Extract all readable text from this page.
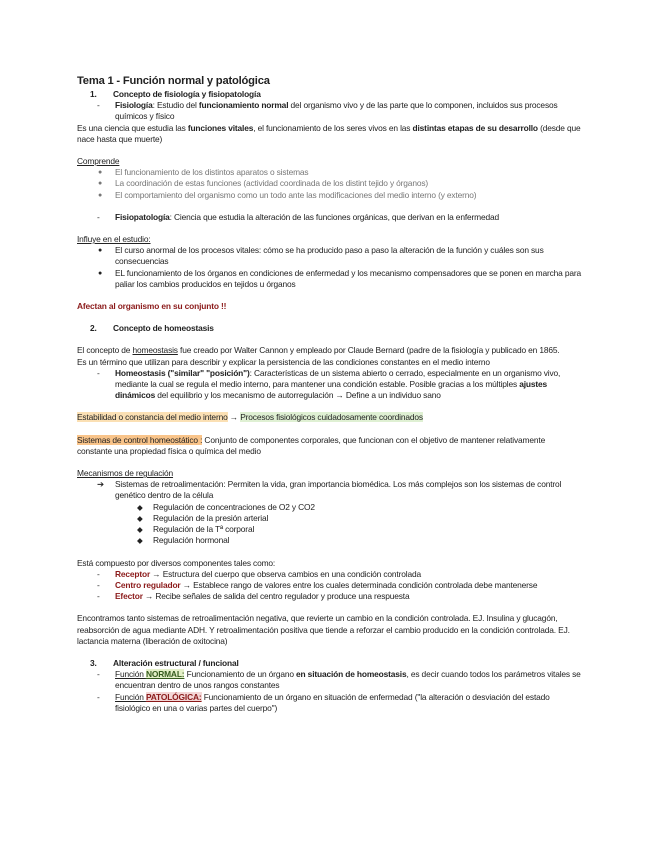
Tema 1 - Función normal y patológica
1. Concepto de fisiología y fisiopatología
- Fisiología: Estudio del funcionamiento normal del organismo vivo y de las parte que lo componen, incluidos sus procesos químicos y físico
Es una ciencia que estudia las funciones vitales, el funcionamiento de los seres vivos en las distintas etapas de su desarrollo (desde que nace hasta que muerte)
Comprende
● El funcionamiento de los distintos aparatos o sistemas
● La coordinación de estas funciones (actividad coordinada de los distint tejido y órganos)
● El comportamiento del organismo como un todo ante las modificaciones del medio interno (y externo)
- Fisiopatología: Ciencia que estudia la alteración de las funciones orgánicas, que derivan en la enfermedad
Influye en el estudio:
● El curso anormal de los procesos vitales: cómo se ha producido paso a paso la alteración de la función y cuáles son sus consecuencias
● EL funcionamiento de los órganos en condiciones de enfermedad y los mecanismo compensadores que se ponen en marcha para paliar los cambios producidos en tejidos u órganos
Afectan al organismo en su conjunto !!
2. Concepto de homeostasis
El concepto de homeostasis fue creado por Walter Cannon y empleado por Claude Bernard (padre de la fisiología y publicado en 1865.
Es un término que utilizan para describir y explicar la persistencia de las condiciones constantes en el medio interno
- Homeostasis ("similar" "posición"): Características de un sistema abierto o cerrado, especialmente en un organismo vivo, mediante la cual se regula el medio interno, para mantener una condición estable. Posible gracias a los múltiples ajustes dinámicos del equilibrio y los mecanismo de autorregulación → Define a un individuo sano
Estabilidad o constancia del medio interno → Procesos fisiológicos cuidadosamente coordinados
Sistemas de control homeostático : Conjunto de componentes corporales, que funcionan con el objetivo de mantener relativamente constante una propiedad física o química del medio
Mecanismos de regulación
➔ Sistemas de retroalimentación: Permiten la vida, gran importancia biomédica. Los más complejos son los sistemas de control genético dentro de la célula
◆ Regulación de concentraciones de O2 y CO2
◆ Regulación de la presión arterial
◆ Regulación de la Tª corporal
◆ Regulación hormonal
Está compuesto por diversos componentes tales como:
- Receptor → Estructura del cuerpo que observa cambios en una condición controlada
- Centro regulador → Establece rango de valores entre los cuales determinada condición controlada debe mantenerse
- Efector → Recibe señales de salida del centro regulador y produce una respuesta
Encontramos tanto sistemas de retroalimentación negativa, que revierte un cambio en la condición controlada. EJ. Insulina y glucagón, reabsorción de agua mediante ADH. Y retroalimentación positiva que tiende a reforzar el cambio producido en la condición controlada. EJ. lactancia materna (liberación de oxitocina)
3. Alteración estructural / funcional
- Función NORMAL: Funcionamiento de un órgano en situación de homeostasis, es decir cuando todos los parámetros vitales se encuentran dentro de unos rangos constantes
- Función PATOLÓGICA: Funcionamiento de un órgano en situación de enfermedad ("la alteración o desviación del estado fisiológico en una o varias partes del cuerpo")
